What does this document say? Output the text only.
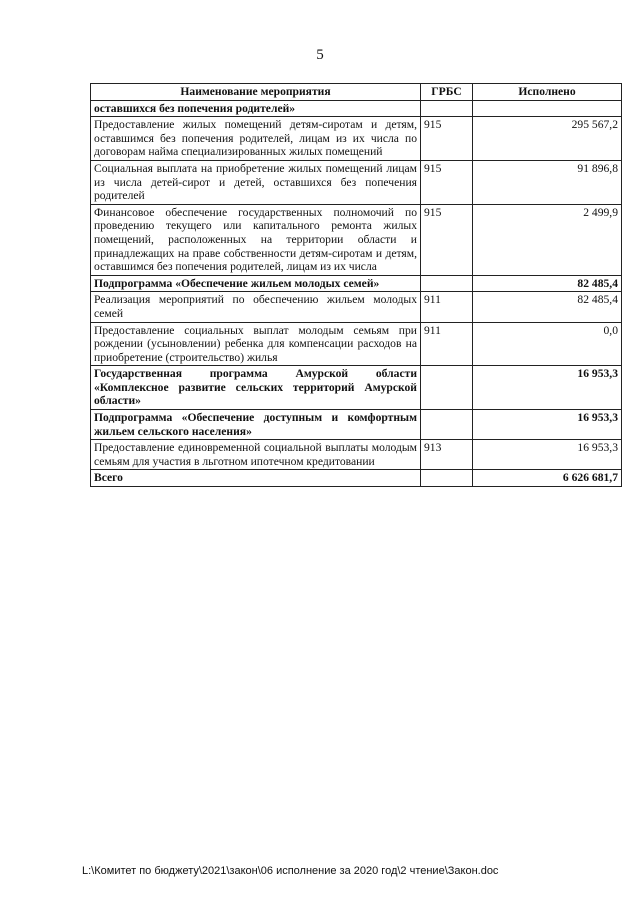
5
Наименование мероприятия	ГРБС	Исполнено
оставшихся без попечения родителей»		
Предоставление жилых помещений детям-сиротам и детям, оставшимся без попечения родителей, лицам из их числа по договорам найма специализированных жилых помещений	915	295 567,2
Социальная выплата на приобретение жилых помещений лицам из числа детей-сирот и детей, оставшихся без попечения родителей	915	91 896,8
Финансовое обеспечение государственных полномочий по проведению текущего или капитального ремонта жилых помещений, расположенных на территории области и принадлежащих на праве собственности детям-сиротам и детям, оставшимся без попечения родителей, лицам из их числа	915	2 499,9
Подпрограмма «Обеспечение жильем молодых семей»		82 485,4
Реализация мероприятий по обеспечению жильем молодых семей	911	82 485,4
Предоставление социальных выплат молодым семьям при рождении (усыновлении) ребенка для компенсации расходов на приобретение (строительство) жилья	911	0,0
Государственная программа Амурской области «Комплексное развитие сельских территорий Амурской области»		16 953,3
Подпрограмма «Обеспечение доступным и комфортным жильем сельского населения»		16 953,3
Предоставление единовременной социальной выплаты молодым семьям для участия в льготном ипотечном кредитовании	913	16 953,3
Всего		6 626 681,7
L:\Комитет по бюджету\2021\закон\06 исполнение за 2020 год\2 чтение\Закон.doc
